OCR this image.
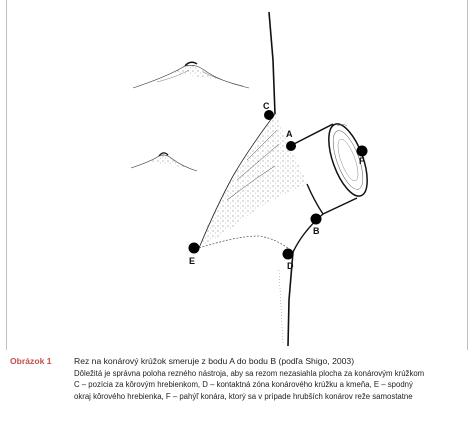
C
A
F
B
E	D
Obrázok 1	Rez na konárový krúžok smeruje z bodu A do bodu B (podľa Shigo, 2003)
Dôležitá je správna poloha rezného nástroja, aby sa rezom nezasiahla plocha za konárovým krúžkom
C – pozícia za kôrovým hrebienkom, D – kontaktná zóna konárového krúžku a kmeňa, E – spodný
okraj kôrového hrebienka, F – pahýľ konára, ktorý sa v prípade hrubších konárov reže samostatne
